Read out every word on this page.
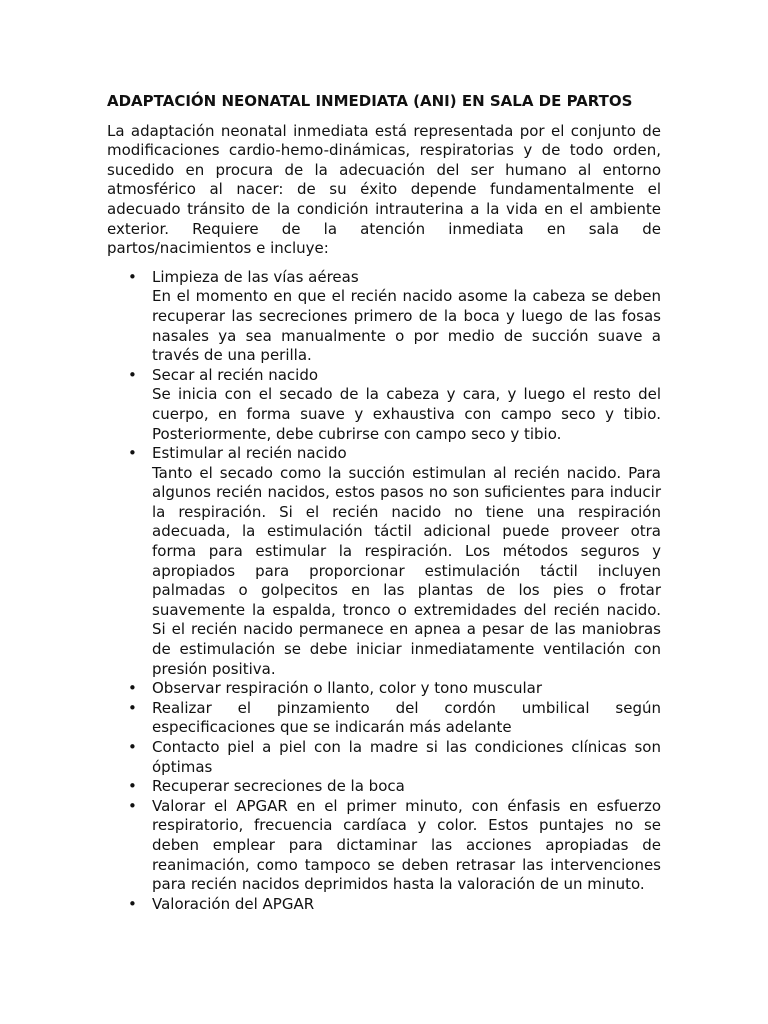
ADAPTACIÓN NEONATAL INMEDIATA (ANI) EN SALA DE PARTOS

La adaptación neonatal inmediata está representada por el conjunto de modificaciones cardio-hemo-dinámicas, respiratorias y de todo orden, sucedido en procura de la adecuación del ser humano al entorno atmosférico al nacer: de su éxito depende fundamentalmente el adecuado tránsito de la condición intrauterina a la vida en el ambiente exterior. Requiere de la atención inmediata en sala de partos/nacimientos e incluye:

• Limpieza de las vías aéreas
En el momento en que el recién nacido asome la cabeza se deben recuperar las secreciones primero de la boca y luego de las fosas nasales ya sea manualmente o por medio de succión suave a través de una perilla.
• Secar al recién nacido
Se inicia con el secado de la cabeza y cara, y luego el resto del cuerpo, en forma suave y exhaustiva con campo seco y tibio. Posteriormente, debe cubrirse con campo seco y tibio.
• Estimular al recién nacido
Tanto el secado como la succión estimulan al recién nacido. Para algunos recién nacidos, estos pasos no son suficientes para inducir la respiración. Si el recién nacido no tiene una respiración adecuada, la estimulación táctil adicional puede proveer otra forma para estimular la respiración. Los métodos seguros y apropiados para proporcionar estimulación táctil incluyen palmadas o golpecitos en las plantas de los pies o frotar suavemente la espalda, tronco o extremidades del recién nacido. Si el recién nacido permanece en apnea a pesar de las maniobras de estimulación se debe iniciar inmediatamente ventilación con presión positiva.
• Observar respiración o llanto, color y tono muscular
• Realizar el pinzamiento del cordón umbilical según especificaciones que se indicarán más adelante
• Contacto piel a piel con la madre si las condiciones clínicas son óptimas
• Recuperar secreciones de la boca
• Valorar el APGAR en el primer minuto, con énfasis en esfuerzo respiratorio, frecuencia cardíaca y color. Estos puntajes no se deben emplear para dictaminar las acciones apropiadas de reanimación, como tampoco se deben retrasar las intervenciones para recién nacidos deprimidos hasta la valoración de un minuto.
• Valoración del APGAR
